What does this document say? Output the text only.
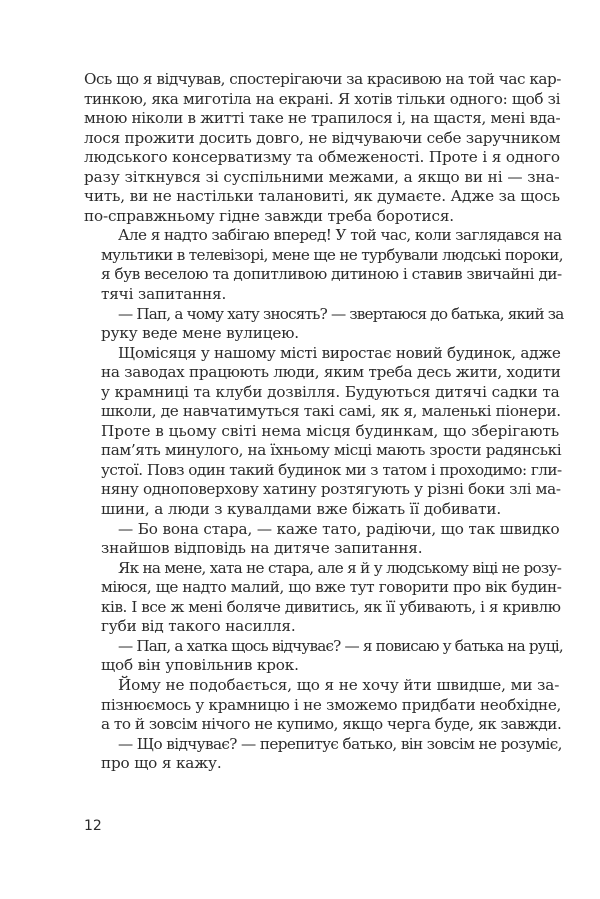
Ось що я відчував, спостерігаючи за красивою на той час кар-
тинкою, яка миготіла на екрані. Я хотів тільки одного: щоб зі
мною ніколи в житті таке не трапилося і, на щастя, мені вда-
лося прожити досить довго, не відчуваючи себе заручником
людського консерватизму та обмеженості. Проте і я одного
разу зіткнувся зі суспільними межами, а якщо ви ні — зна-
чить, ви не настільки талановиті, як думаєте. Адже за щось
по-справжньому гідне завжди треба боротися.
Але я надто забігаю вперед! У той час, коли заглядався на
мультики в телевізорі, мене ще не турбували людські пороки,
я був веселою та допитливою дитиною і ставив звичайні ди-
тячі запитання.
— Пап, а чому хату зносять? — звертаюся до батька, який за
руку веде мене вулицею.
Щомісяця у нашому місті виростає новий будинок, адже
на заводах працюють люди, яким треба десь жити, ходити
у крамниці та клуби дозвілля. Будуються дитячі садки та
школи, де навчатимуться такі самі, як я, маленькі піонери.
Проте в цьому світі нема місця будинкам, що зберігають
пам’ять минулого, на їхньому місці мають зрости радянські
устої. Повз один такий будинок ми з татом і проходимо: гли-
няну одноповерхову хатину розтягують у різні боки злі ма-
шини, а люди з кувалдами вже біжать її добивати.
— Бо вона стара, — каже тато, радіючи, що так швидко
знайшов відповідь на дитяче запитання.
Як на мене, хата не стара, але я й у людському віці не розу-
міюся, ще надто малий, що вже тут говорити про вік будин-
ків. І все ж мені боляче дивитись, як її убивають, і я кривлю
губи від такого насилля.
— Пап, а хатка щось відчуває? — я повисаю у батька на руці,
щоб він уповільнив крок.
Йому не подобається, що я не хочу йти швидше, ми за-
пізнюємось у крамницю і не зможемо придбати необхідне,
а то й зовсім нічого не купимо, якщо черга буде, як завжди.
— Що відчуває? — перепитує батько, він зовсім не розуміє,
про що я кажу.
12
